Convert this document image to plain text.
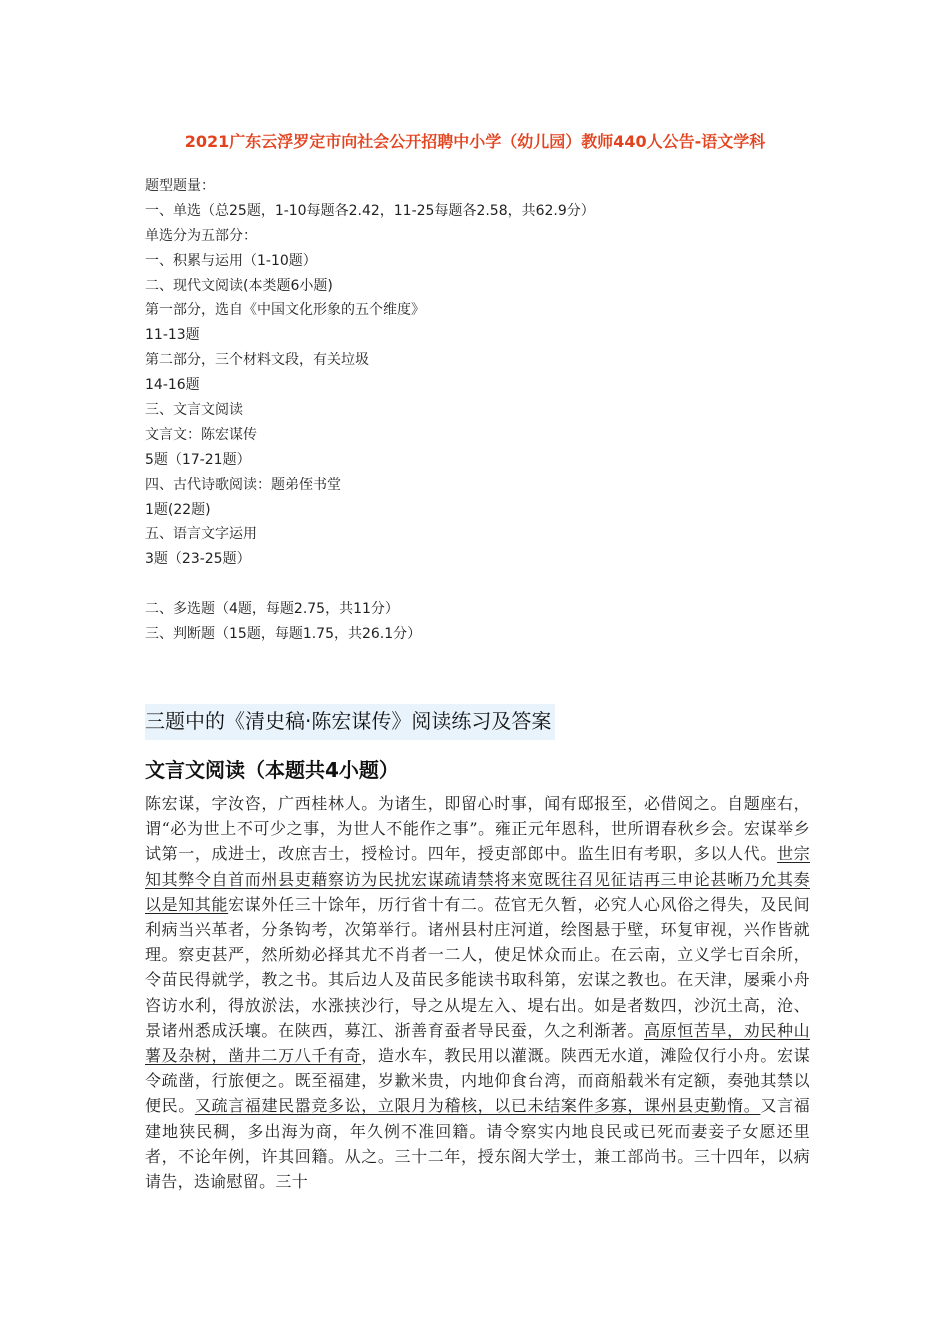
2021广东云浮罗定市向社会公开招聘中小学（幼儿园）教师440人公告-语文学科
题型题量：
一、单选（总25题，1-10每题各2.42，11-25每题各2.58，共62.9分）
单选分为五部分：
一、积累与运用（1-10题）
二、现代文阅读(本类题6小题)
第一部分，选自《中国文化形象的五个维度》
11-13题
第二部分，三个材料文段，有关垃圾
14-16题
三、文言文阅读
文言文：陈宏谋传
5题（17-21题）
四、古代诗歌阅读：题弟侄书堂
1题(22题)
五、语言文字运用
3题（23-25题）
二、多选题（4题，每题2.75，共11分）
三、判断题（15题，每题1.75，共26.1分）
三题中的《清史稿·陈宏谋传》阅读练习及答案
文言文阅读（本题共4小题）
陈宏谋，字汝咨，广西桂林人。为诸生，即留心时事，闻有邸报至，必借阅之。自题座右，谓“必为世上不可少之事，为世人不能作之事”。雍正元年恩科，世所谓春秋乡会。宏谋举乡试第一，成进士，改庶吉士，授检讨。四年，授吏部郎中。监生旧有考职，多以人代。世宗知其弊令自首而州县吏藉察访为民扰宏谋疏请禁将来宽既往召见征诘再三申论甚晰乃允其奏以是知其能宏谋外任三十馀年，历行省十有二。莅官无久暂，必究人心风俗之得失，及民间利病当兴革者，分条钩考，次第举行。诸州县村庄河道，绘图悬于壁，环复审视，兴作皆就理。察吏甚严，然所劾必择其尤不肖者一二人，使足怵众而止。在云南，立义学七百余所，令苗民得就学，教之书。其后边人及苗民多能读书取科第，宏谋之教也。在天津，屡乘小舟咨访水利，得放淤法，水涨挟沙行，导之从堤左入、堤右出。如是者数四，沙沉土高，沧、景诸州悉成沃壤。在陕西，募江、浙善育蚕者导民蚕，久之利渐著。高原恒苦旱，劝民种山薯及杂树，凿井二万八千有奇，造水车，教民用以灌溉。陕西无水道，滩险仅行小舟。宏谋令疏凿，行旅便之。既至福建，岁歉米贵，内地仰食台湾，而商船载米有定额，奏弛其禁以便民。又疏言福建民嚣竞多讼，立限月为稽核，以已未结案件多寡，课州县吏勤惰。又言福建地狭民稠，多出海为商，年久例不准回籍。请令察实内地良民或已死而妻妾子女愿还里者，不论年例，许其回籍。从之。三十二年，授东阁大学士，兼工部尚书。三十四年，以病请告，迭谕慰留。三十
